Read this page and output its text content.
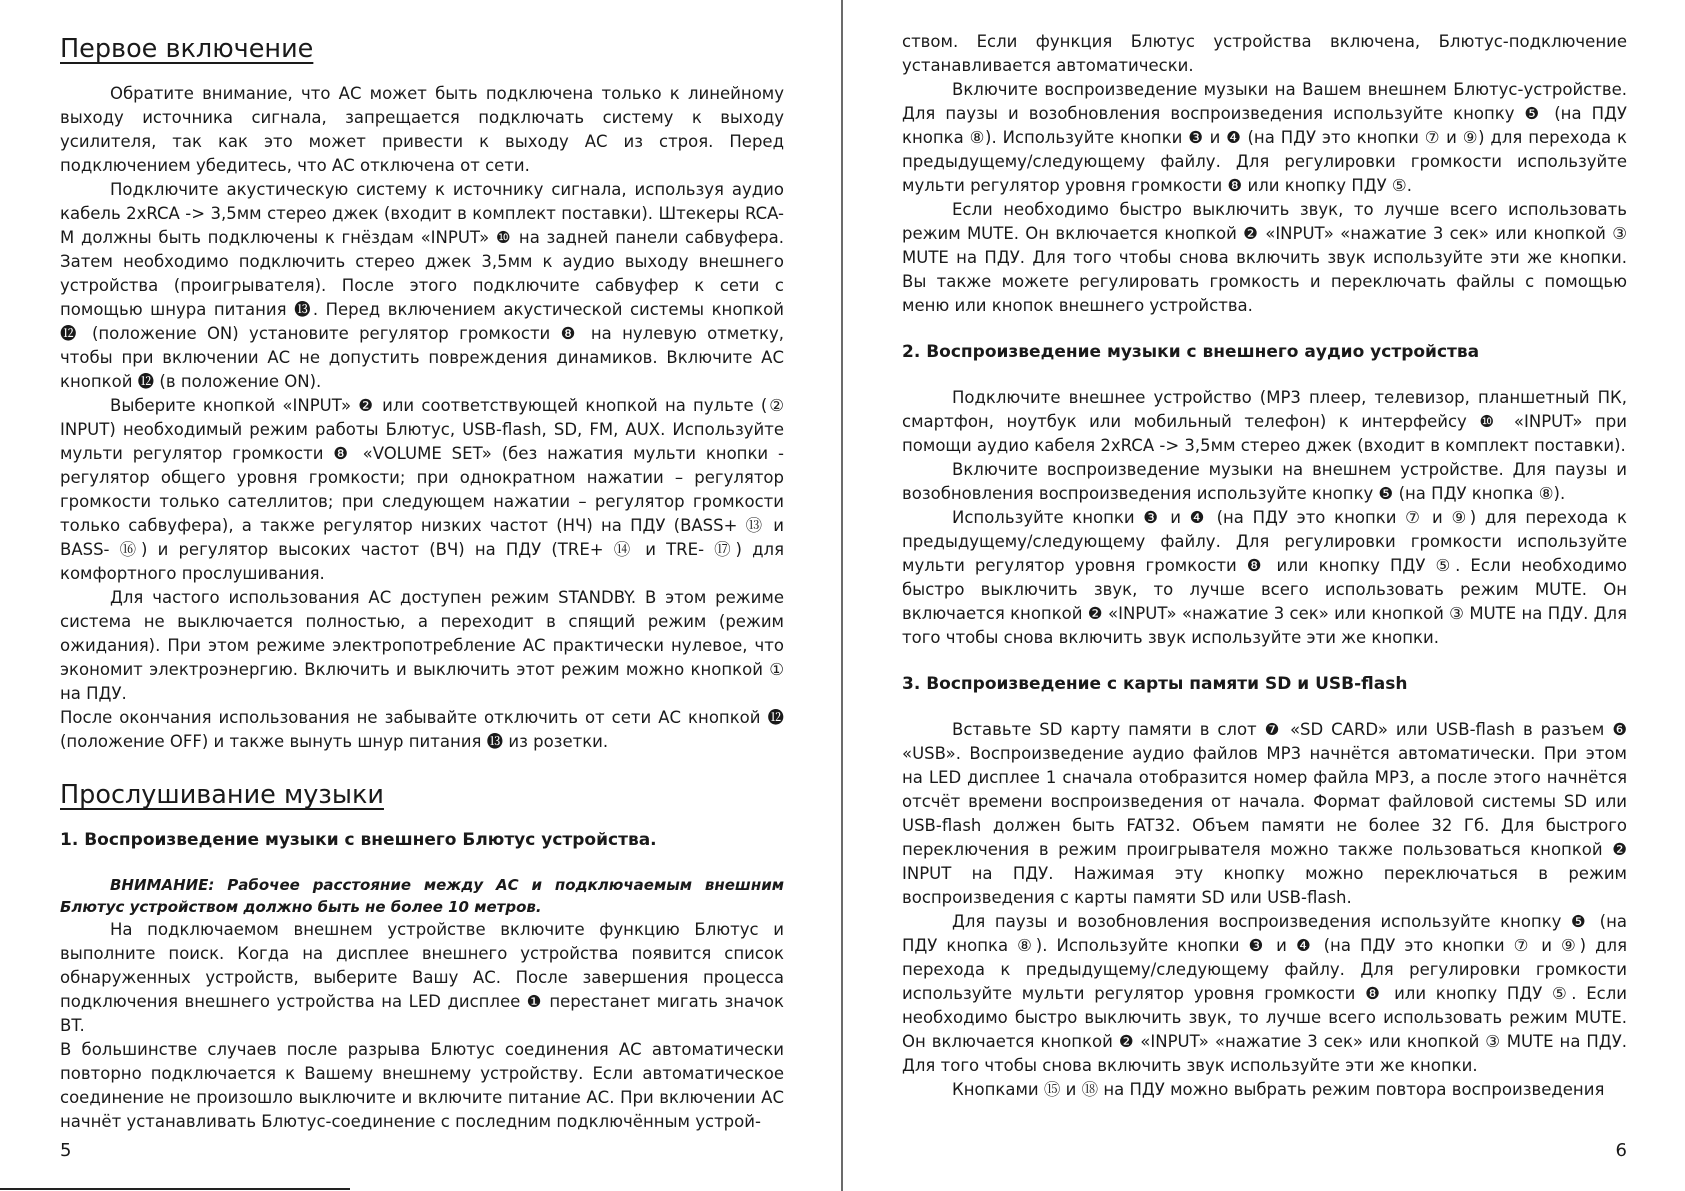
Первое включение

Обратите внимание, что АС может быть подключена только к линейному выходу источника сигнала, запрещается подключать систему к выходу усилителя, так как это может привести к выходу АС из строя. Перед подключением убедитесь, что АС отключена от сети.

Подключите акустическую систему к источнику сигнала, используя аудио кабель 2xRCA -> 3,5мм стерео джек (входит в комплект поставки). Штекеры RCA-M должны быть подключены к гнёздам «INPUT» ❿ на задней панели сабвуфера. Затем необходимо подключить стерео джек 3,5мм к аудио выходу внешнего устройства (проигрывателя). После этого подключите сабвуфер к сети с помощью шнура питания ⓭. Перед включением акустической системы кнопкой ⓬ (положение ON) установите регулятор громкости ❽ на нулевую отметку, чтобы при включении АС не допустить повреждения динамиков. Включите АС кнопкой ⓬ (в положение ON).

Выберите кнопкой «INPUT» ❷ или соответствующей кнопкой на пульте (② INPUT) необходимый режим работы Блютус, USB-flash, SD, FM, AUX. Используйте мульти регулятор громкости ❽ «VOLUME SET» (без нажатия мульти кнопки - регулятор общего уровня громкости; при однократном нажатии – регулятор громкости только сателлитов; при следующем нажатии – регулятор громкости только сабвуфера), а также регулятор низких частот (НЧ) на ПДУ (BASS+ ⑬ и BASS- ⑯) и регулятор высоких частот (ВЧ) на ПДУ (TRE+ ⑭ и TRE- ⑰) для комфортного прослушивания.

Для частого использования АС доступен режим STANDBY. В этом режиме система не выключается полностью, а переходит в спящий режим (режим ожидания). При этом режиме электропотребление АС практически нулевое, что экономит электроэнергию. Включить и выключить этот режим можно кнопкой ① на ПДУ.

После окончания использования не забывайте отключить от сети АС кнопкой ⓬ (положение OFF) и также вынуть шнур питания ⓭ из розетки.

Прослушивание музыки
1. Воспроизведение музыки с внешнего Блютус устройства.

ВНИМАНИЕ: Рабочее расстояние между АС и подключаемым внешним Блютус устройством должно быть не более 10 метров.

На подключаемом внешнем устройстве включите функцию Блютус и выполните поиск. Когда на дисплее внешнего устройства появится список обнаруженных устройств, выберите Вашу АС. После завершения процесса подключения внешнего устройства на LED дисплее ❶ перестанет мигать значок BT.

В большинстве случаев после разрыва Блютус соединения АС автоматически повторно подключается к Вашему внешнему устройству. Если автоматическое соединение не произошло выключите и включите питание АС. При включении АС начнёт устанавливать Блютус-соединение с последним подключённым устрой-

5

ством. Если функция Блютус устройства включена, Блютус-подключение устанавливается автоматически.

Включите воспроизведение музыки на Вашем внешнем Блютус-устройстве. Для паузы и возобновления воспроизведения используйте кнопку ❺ (на ПДУ кнопка ⑧). Используйте кнопки ❸ и ❹ (на ПДУ это кнопки ⑦ и ⑨) для перехода к предыдущему/следующему файлу. Для регулировки громкости используйте мульти регулятор уровня громкости ❽ или кнопку ПДУ ⑤.

Если необходимо быстро выключить звук, то лучше всего использовать режим MUTE. Он включается кнопкой ❷ «INPUT» «нажатие 3 сек» или кнопкой ③ MUTE на ПДУ. Для того чтобы снова включить звук используйте эти же кнопки. Вы также можете регулировать громкость и переключать файлы с помощью меню или кнопок внешнего устройства.

2. Воспроизведение музыки с внешнего аудио устройства

Подключите внешнее устройство (MP3 плеер, телевизор, планшетный ПК, смартфон, ноутбук или мобильный телефон) к интерфейсу ❿ «INPUT» при помощи аудио кабеля 2xRCA -> 3,5мм стерео джек (входит в комплект поставки).

Включите воспроизведение музыки на внешнем устройстве. Для паузы и возобновления воспроизведения используйте кнопку ❺ (на ПДУ кнопка ⑧).

Используйте кнопки ❸ и ❹ (на ПДУ это кнопки ⑦ и ⑨) для перехода к предыдущему/следующему файлу. Для регулировки громкости используйте мульти регулятор уровня громкости ❽ или кнопку ПДУ ⑤. Если необходимо быстро выключить звук, то лучше всего использовать режим MUTE. Он включается кнопкой ❷ «INPUT» «нажатие 3 сек» или кнопкой ③ MUTE на ПДУ. Для того чтобы снова включить звук используйте эти же кнопки.

3. Воспроизведение с карты памяти SD и USB-flash

Вставьте SD карту памяти в слот ❼ «SD CARD» или USB-flash в разъем ❻ «USB». Воспроизведение аудио файлов MP3 начнётся автоматически. При этом на LED дисплее 1 сначала отобразится номер файла MP3, а после этого начнётся отсчёт времени воспроизведения от начала. Формат файловой системы SD или USB-flash должен быть FAT32. Объем памяти не более 32 Гб. Для быстрого переключения в режим проигрывателя можно также пользоваться кнопкой ❷ INPUT на ПДУ. Нажимая эту кнопку можно переключаться в режим воспроизведения с карты памяти SD или USB-flash.

Для паузы и возобновления воспроизведения используйте кнопку ❺ (на ПДУ кнопка ⑧). Используйте кнопки ❸ и ❹ (на ПДУ это кнопки ⑦ и ⑨) для перехода к предыдущему/следующему файлу. Для регулировки громкости используйте мульти регулятор уровня громкости ❽ или кнопку ПДУ ⑤. Если необходимо быстро выключить звук, то лучше всего использовать режим MUTE. Он включается кнопкой ❷ «INPUT» «нажатие 3 сек» или кнопкой ③ MUTE на ПДУ. Для того чтобы снова включить звук используйте эти же кнопки.

Кнопками ⑮ и ⑱ на ПДУ можно выбрать режим повтора воспроизведения

6
